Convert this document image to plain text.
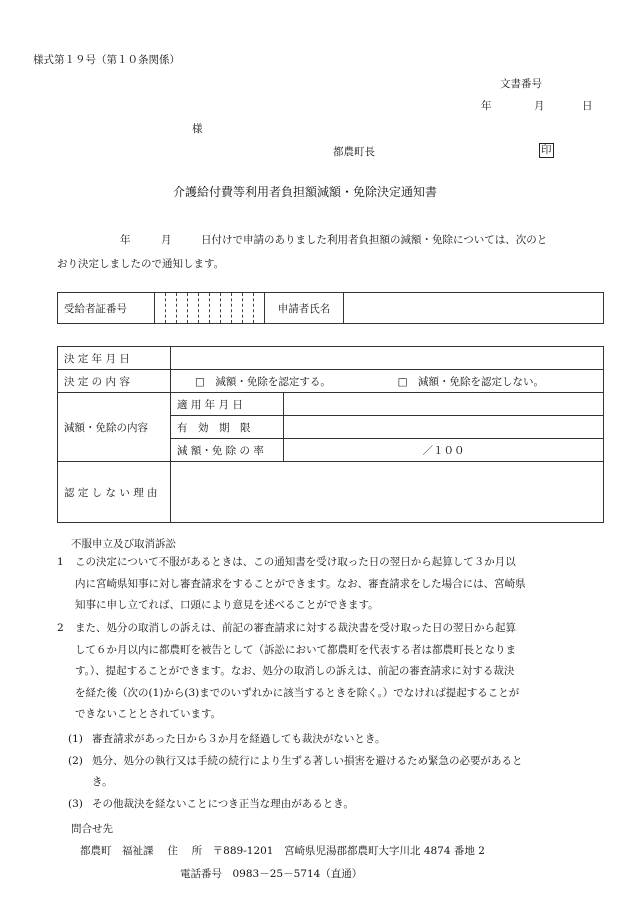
様式第１９号（第１０条関係）
文書番号
年	月	日
様
都農町長	印
介護給付費等利用者負担額減額・免除決定通知書
年	月	日付けで申請のありました利用者負担額の減額・免除については、次のと
おり決定しましたので通知します。
受給者証番号											申請者氏名	
決 定 年 月 日		
決 定 の 内 容	□　減額・免除を認定する。 □　減額・免除を認定しない。	
減額・免除の内容	適 用 年 月 日	
	有　効　期　限	
	減 額・免 除 の 率	／１００
認 定 し な い 理 由		
不服申立及び取消訴訟
1 この決定について不服があるときは、この通知書を受け取った日の翌日から起算して３か月以
内に宮崎県知事に対し審査請求をすることができます。なお、審査請求をした場合には、宮崎県
知事に申し立てれば、口頭により意見を述べることができます。
2 また、処分の取消しの訴えは、前記の審査請求に対する裁決書を受け取った日の翌日から起算
して６か月以内に都農町を被告として（訴訟において都農町を代表する者は都農町長となりま
す。）、提起することができます。なお、処分の取消しの訴えは、前記の審査請求に対する裁決
を経た後（次の(1)から(3)までのいずれかに該当するときを除く。）でなければ提起することが
できないこととされています。
(1) 審査請求があった日から３か月を経過しても裁決がないとき。
(2) 処分、処分の執行又は手続の続行により生ずる著しい損害を避けるため緊急の必要があると
き。
(3) その他裁決を経ないことにつき正当な理由があるとき。
問合せ先
都農町　福祉課　 住　 所　〒889-1201　宮崎県児湯郡都農町大字川北 4874 番地 2
電話番号　0983－25－5714（直通）
